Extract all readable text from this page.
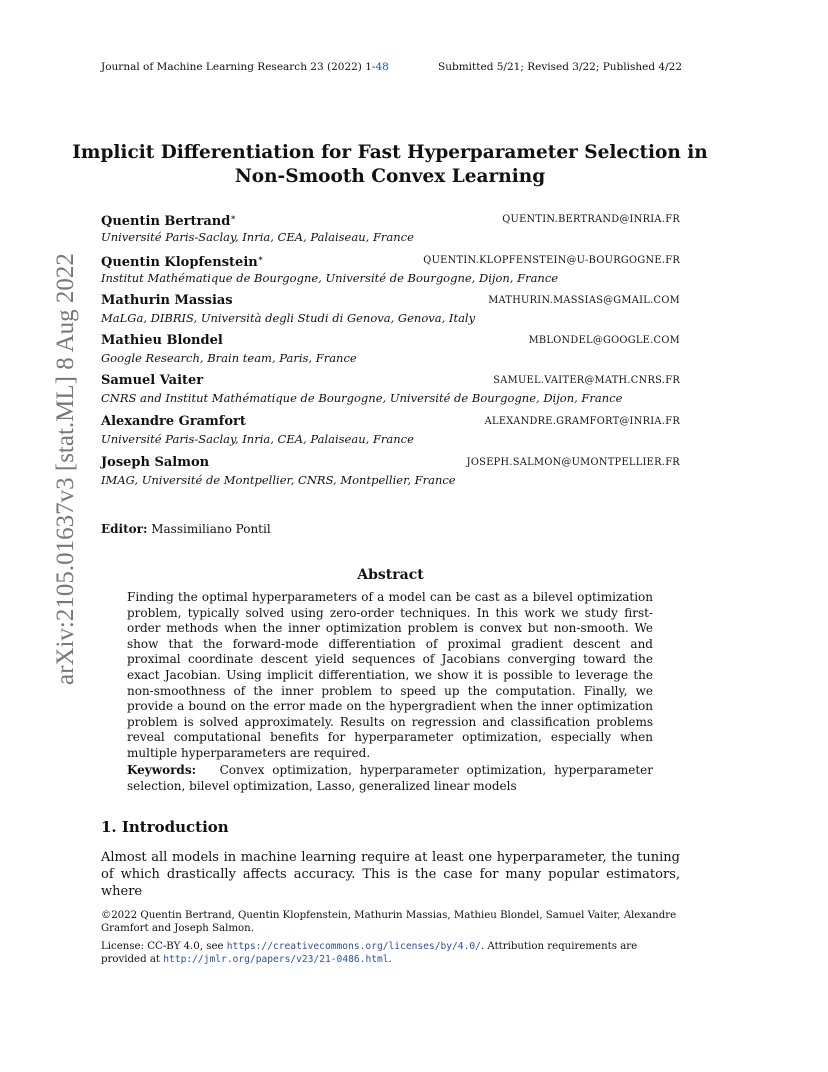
Journal of Machine Learning Research 23 (2022) 1-48	Submitted 5/21; Revised 3/22; Published 4/22
Implicit Differentiation for Fast Hyperparameter Selection in Non-Smooth Convex Learning
Quentin Bertrand∗	QUENTIN.BERTRAND@INRIA.FR
Université Paris-Saclay, Inria, CEA, Palaiseau, France
Quentin Klopfenstein∗	QUENTIN.KLOPFENSTEIN@U-BOURGOGNE.FR
Institut Mathématique de Bourgogne, Université de Bourgogne, Dijon, France
Mathurin Massias	MATHURIN.MASSIAS@GMAIL.COM
MaLGa, DIBRIS, Università degli Studi di Genova, Genova, Italy
Mathieu Blondel	MBLONDEL@GOOGLE.COM
Google Research, Brain team, Paris, France
Samuel Vaiter	SAMUEL.VAITER@MATH.CNRS.FR
CNRS and Institut Mathématique de Bourgogne, Université de Bourgogne, Dijon, France
Alexandre Gramfort	ALEXANDRE.GRAMFORT@INRIA.FR
Université Paris-Saclay, Inria, CEA, Palaiseau, France
Joseph Salmon	JOSEPH.SALMON@UMONTPELLIER.FR
IMAG, Université de Montpellier, CNRS, Montpellier, France
Editor: Massimiliano Pontil
Abstract
Finding the optimal hyperparameters of a model can be cast as a bilevel optimization problem, typically solved using zero-order techniques. In this work we study first-order methods when the inner optimization problem is convex but non-smooth. We show that the forward-mode differentiation of proximal gradient descent and proximal coordinate descent yield sequences of Jacobians converging toward the exact Jacobian. Using implicit differentiation, we show it is possible to leverage the non-smoothness of the inner problem to speed up the computation. Finally, we provide a bound on the error made on the hypergradient when the inner optimization problem is solved approximately. Results on regression and classification problems reveal computational benefits for hyperparameter optimization, especially when multiple hyperparameters are required.
Keywords: Convex optimization, hyperparameter optimization, hyperparameter selection, bilevel optimization, Lasso, generalized linear models
1. Introduction
Almost all models in machine learning require at least one hyperparameter, the tuning of which drastically affects accuracy. This is the case for many popular estimators, where
©2022 Quentin Bertrand, Quentin Klopfenstein, Mathurin Massias, Mathieu Blondel, Samuel Vaiter, Alexandre Gramfort and Joseph Salmon.
License: CC-BY 4.0, see https://creativecommons.org/licenses/by/4.0/. Attribution requirements are provided at http://jmlr.org/papers/v23/21-0486.html.
arXiv:2105.01637v3 [stat.ML] 8 Aug 2022
